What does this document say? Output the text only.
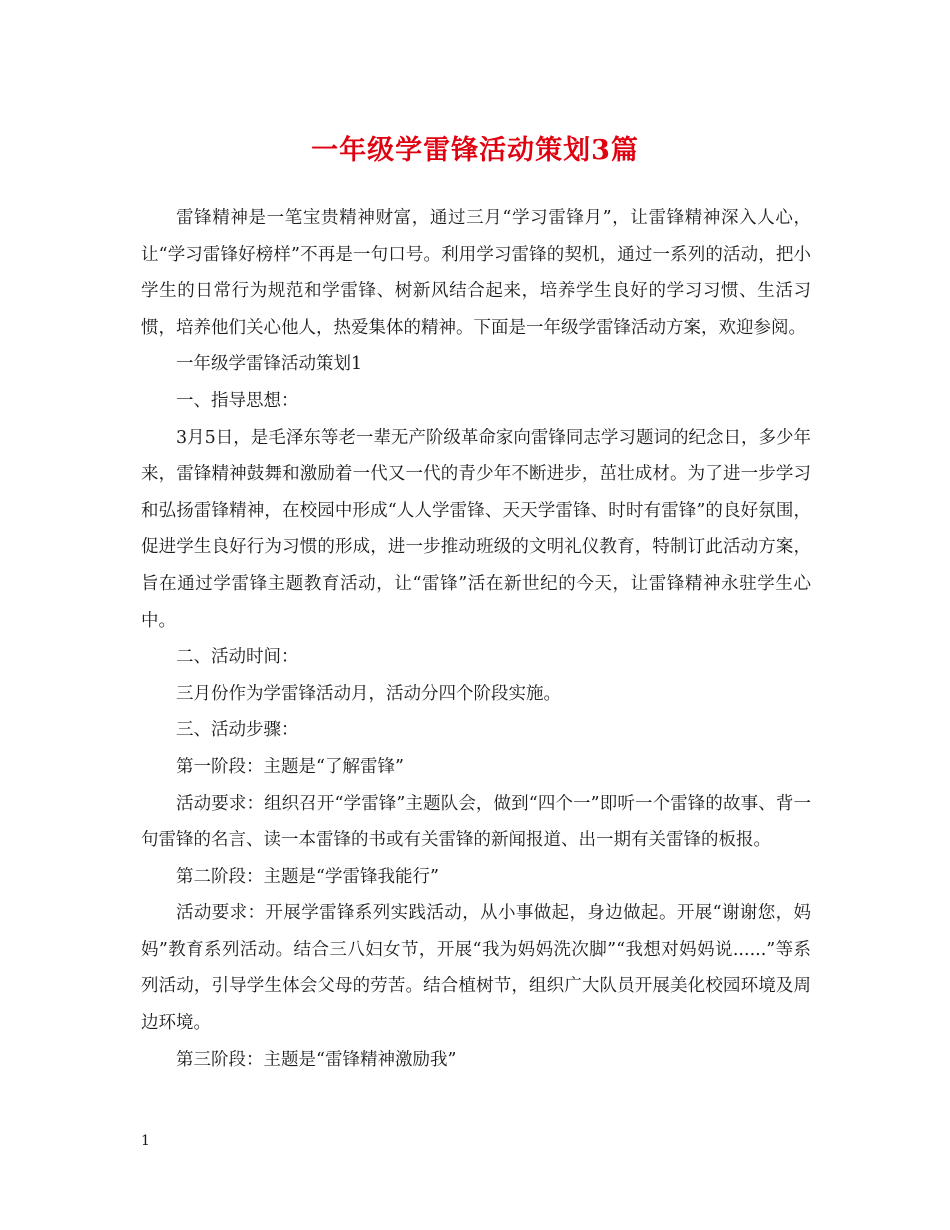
一年级学雷锋活动策划3篇

雷锋精神是一笔宝贵精神财富，通过三月“学习雷锋月”，让雷锋精神深入人心，让“学习雷锋好榜样”不再是一句口号。利用学习雷锋的契机，通过一系列的活动，把小学生的日常行为规范和学雷锋、树新风结合起来，培养学生良好的学习习惯、生活习惯，培养他们关心他人，热爱集体的精神。下面是一年级学雷锋活动方案，欢迎参阅。

一年级学雷锋活动策划1

一、指导思想：

3月5日，是毛泽东等老一辈无产阶级革命家向雷锋同志学习题词的纪念日，多少年来，雷锋精神鼓舞和激励着一代又一代的青少年不断进步，茁壮成材。为了进一步学习和弘扬雷锋精神，在校园中形成“人人学雷锋、天天学雷锋、时时有雷锋”的良好氛围，促进学生良好行为习惯的形成，进一步推动班级的文明礼仪教育，特制订此活动方案，旨在通过学雷锋主题教育活动，让“雷锋”活在新世纪的今天，让雷锋精神永驻学生心中。

二、活动时间：

三月份作为学雷锋活动月，活动分四个阶段实施。

三、活动步骤：

第一阶段：主题是“了解雷锋”

活动要求：组织召开“学雷锋”主题队会，做到“四个一”即听一个雷锋的故事、背一句雷锋的名言、读一本雷锋的书或有关雷锋的新闻报道、出一期有关雷锋的板报。

第二阶段：主题是“学雷锋我能行”

活动要求：开展学雷锋系列实践活动，从小事做起，身边做起。开展“谢谢您，妈妈”教育系列活动。结合三八妇女节，开展“我为妈妈洗次脚”“我想对妈妈说......”等系列活动，引导学生体会父母的劳苦。结合植树节，组织广大队员开展美化校园环境及周边环境。

第三阶段：主题是“雷锋精神激励我”

1
